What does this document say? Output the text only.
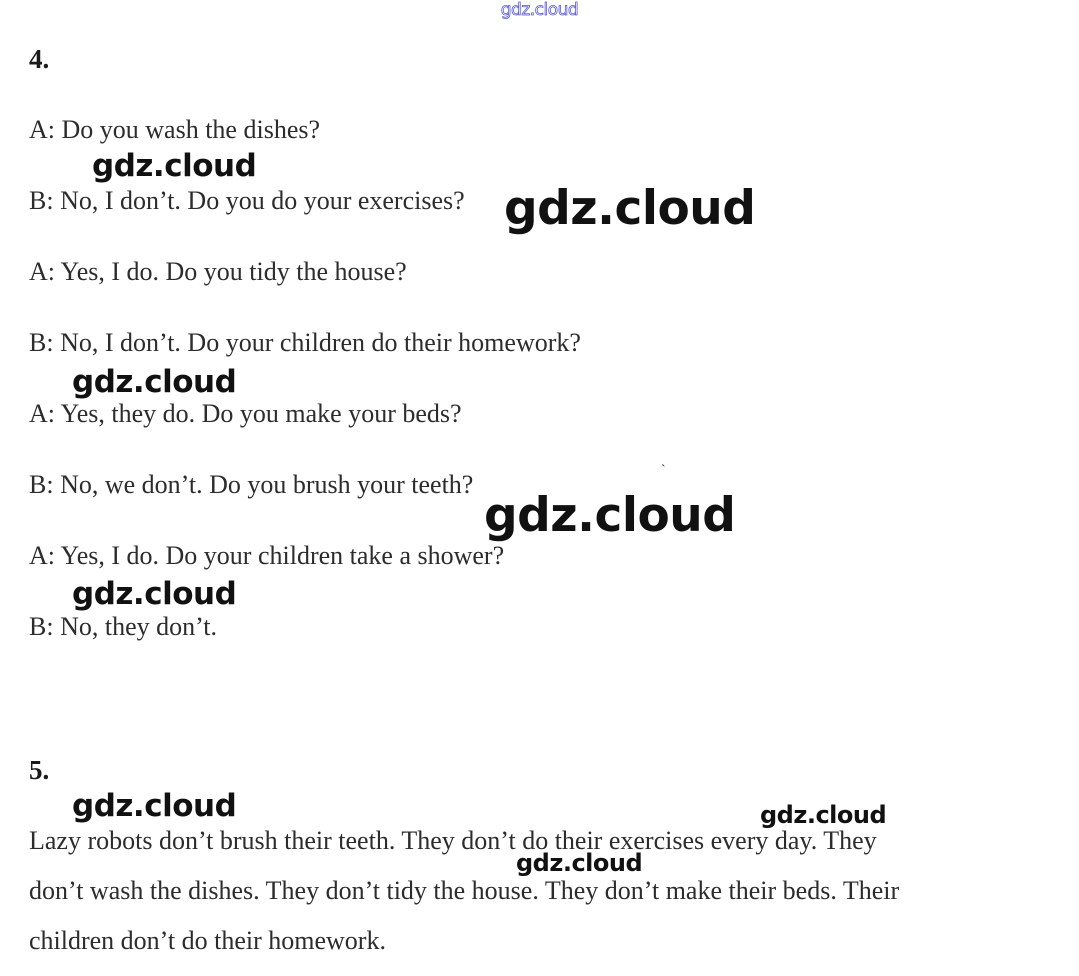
gdz.cloud
4.
A: Do you wash the dishes?
B: No, I don’t. Do you do your exercises?
A: Yes, I do. Do you tidy the house?
B: No, I don’t. Do your children do their homework?
A: Yes, they do. Do you make your beds?
B: No, we don’t. Do you brush your teeth?
A: Yes, I do. Do your children take a shower?
B: No, they don’t.
ˋ
5.
Lazy robots don’t brush their teeth. They don’t do their exercises every day. They
don’t wash the dishes. They don’t tidy the house. They don’t make their beds. Their
children don’t do their homework.
gdz.cloud
gdz.cloud
gdz.cloud
gdz.cloud
gdz.cloud
gdz.cloud	gdz.cloud
gdz.cloud
